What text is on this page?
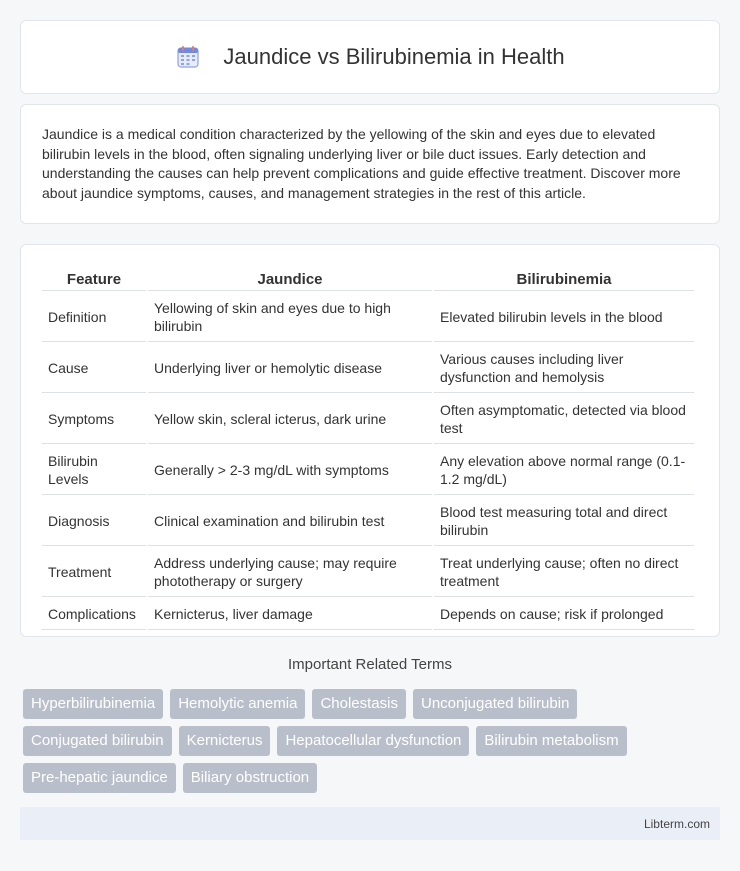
Jaundice vs Bilirubinemia in Health

Jaundice is a medical condition characterized by the yellowing of the skin and eyes due to elevated bilirubin levels in the blood, often signaling underlying liver or bile duct issues. Early detection and understanding the causes can help prevent complications and guide effective treatment. Discover more about jaundice symptoms, causes, and management strategies in the rest of this article.

Feature	Jaundice	Bilirubinemia
Definition	Yellowing of skin and eyes due to high bilirubin	Elevated bilirubin levels in the blood
Cause	Underlying liver or hemolytic disease	Various causes including liver dysfunction and hemolysis
Symptoms	Yellow skin, scleral icterus, dark urine	Often asymptomatic, detected via blood test
Bilirubin Levels	Generally > 2-3 mg/dL with symptoms	Any elevation above normal range (0.1-1.2 mg/dL)
Diagnosis	Clinical examination and bilirubin test	Blood test measuring total and direct bilirubin
Treatment	Address underlying cause; may require phototherapy or surgery	Treat underlying cause; often no direct treatment
Complications	Kernicterus, liver damage	Depends on cause; risk if prolonged
Important Related Terms
Hyperbilirubinemia	Hemolytic anemia	Cholestasis	Unconjugated bilirubin
Conjugated bilirubin	Kernicterus	Hepatocellular dysfunction	Bilirubin metabolism
Pre-hepatic jaundice	Biliary obstruction
Libterm.com
